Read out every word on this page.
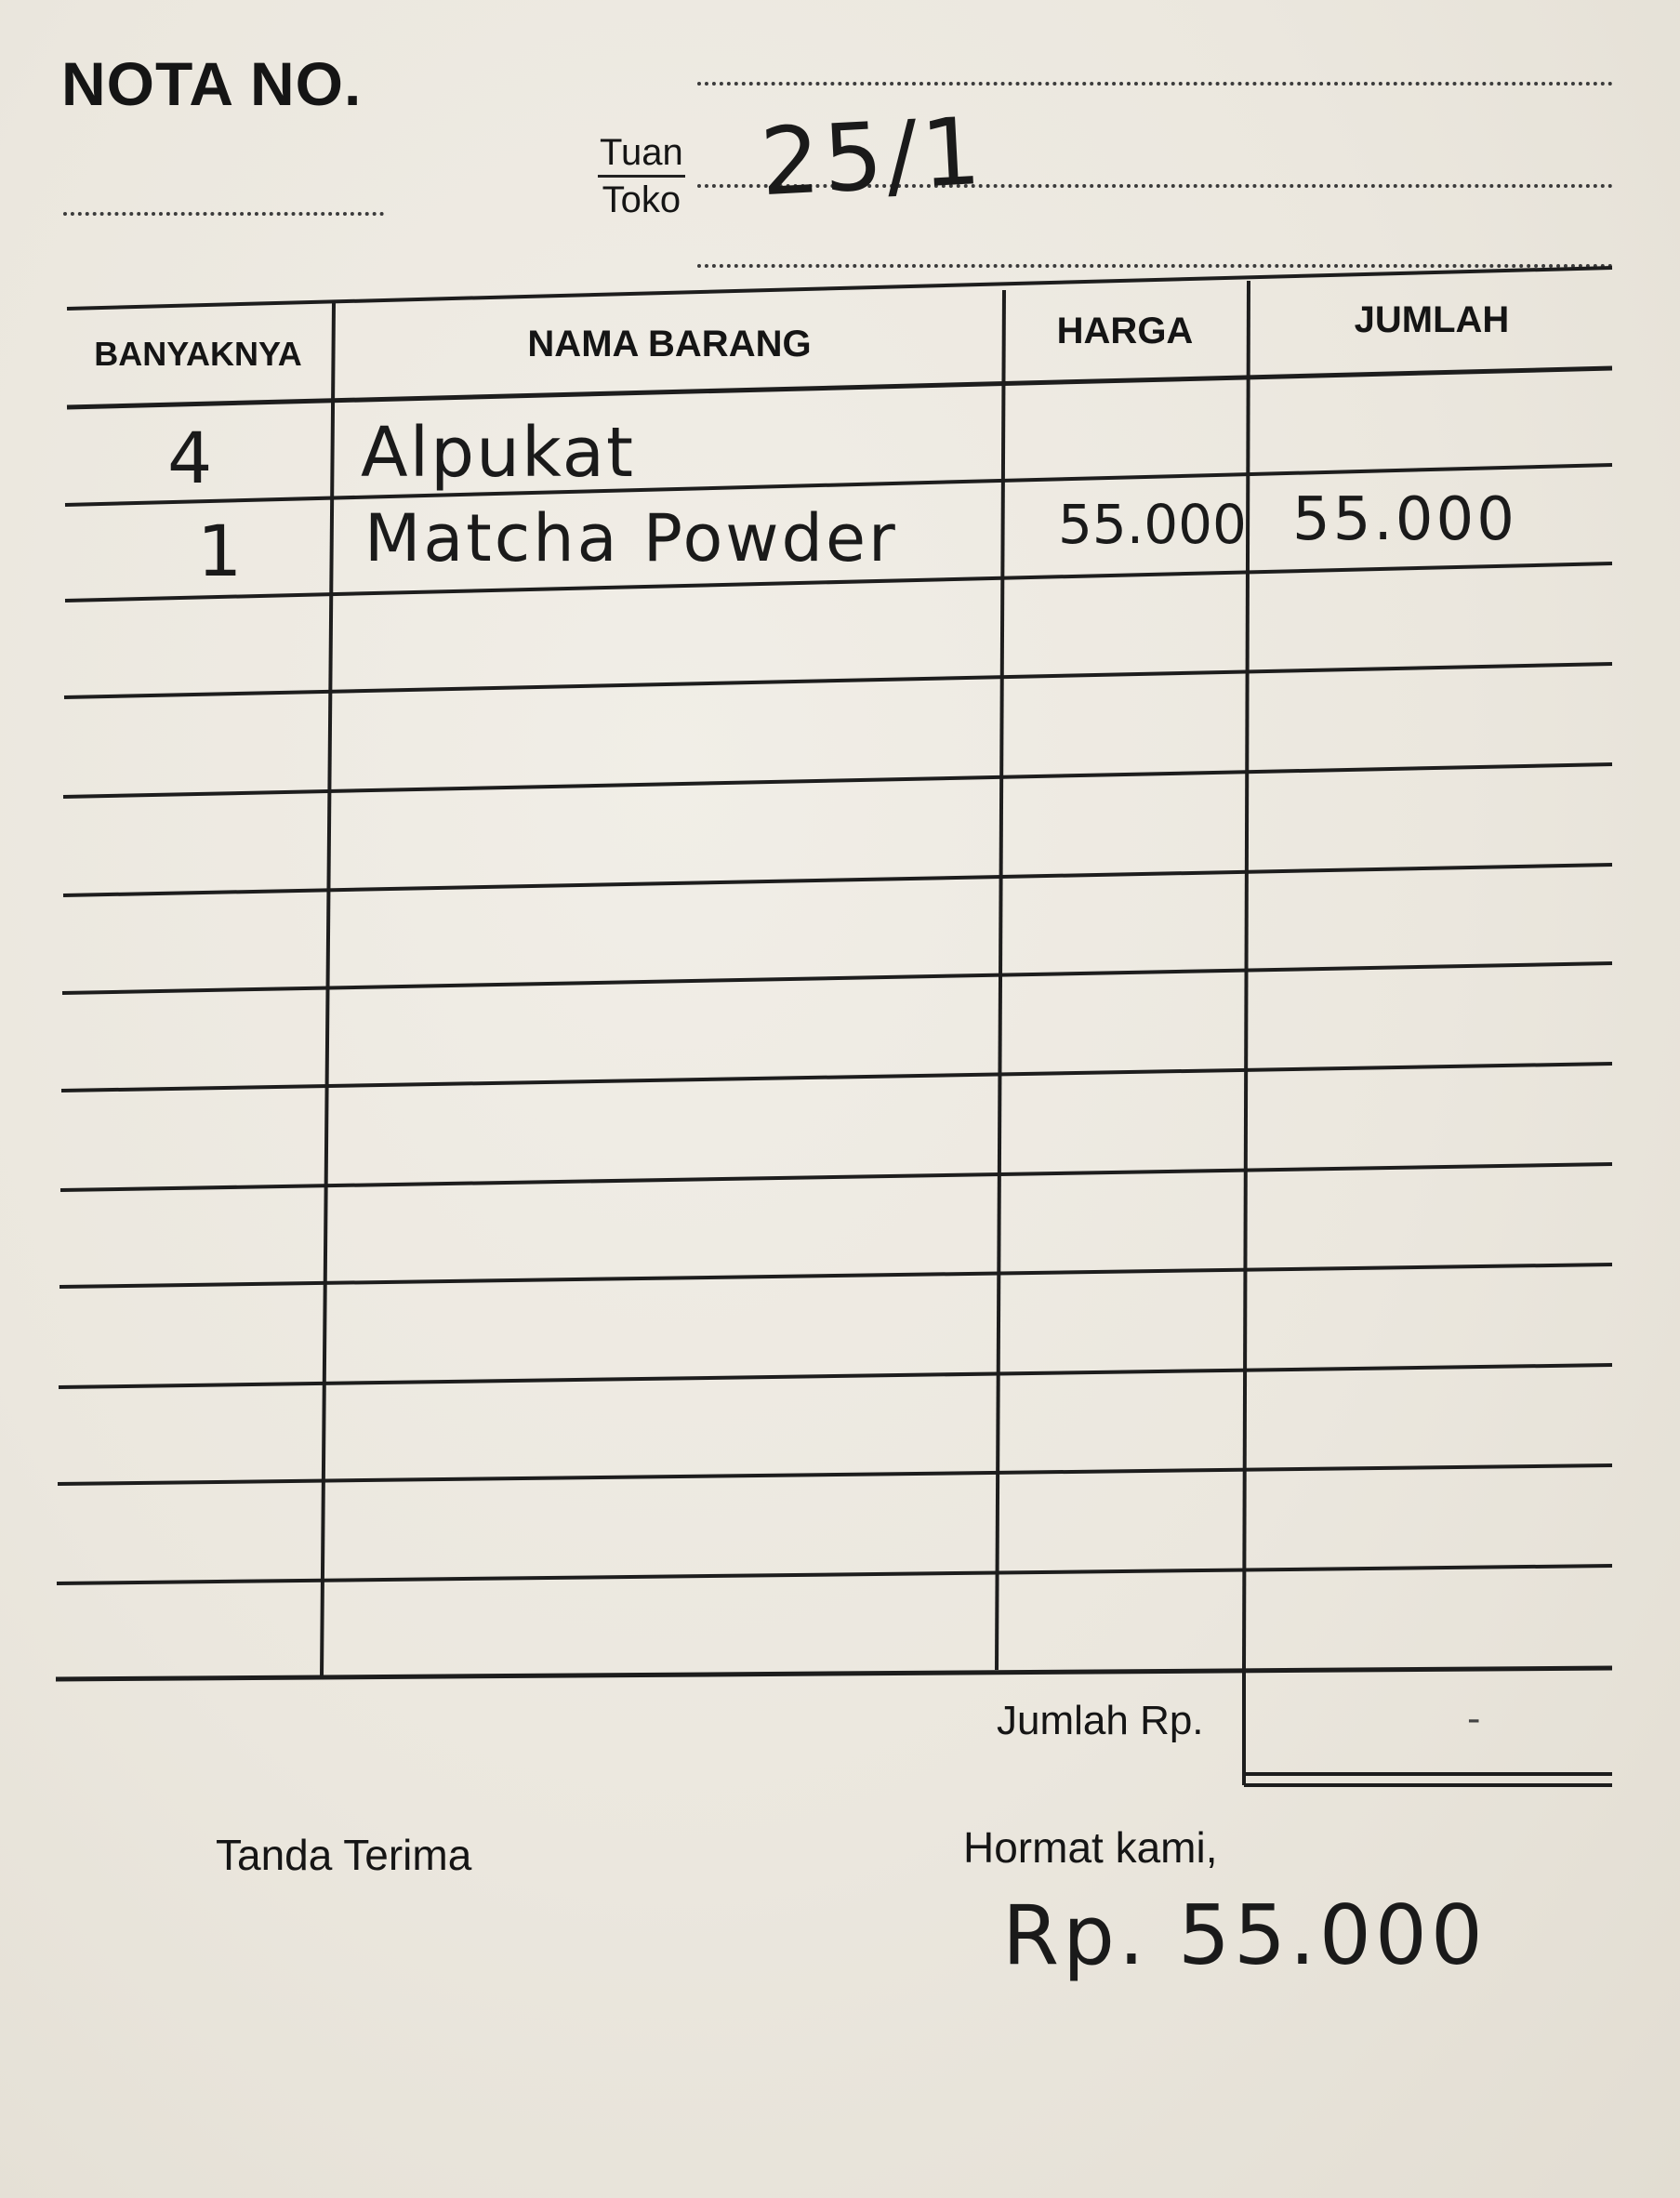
NOTA NO.
Tuan
Toko 25/1
BANYAKNYA	NAMA BARANG	HARGA	JUMLAH
4 Alpukat
1 Matcha Powder	55.000 55.000
Jumlah Rp.	-
Tanda Terima	Hormat kami,
Rp. 55.000
